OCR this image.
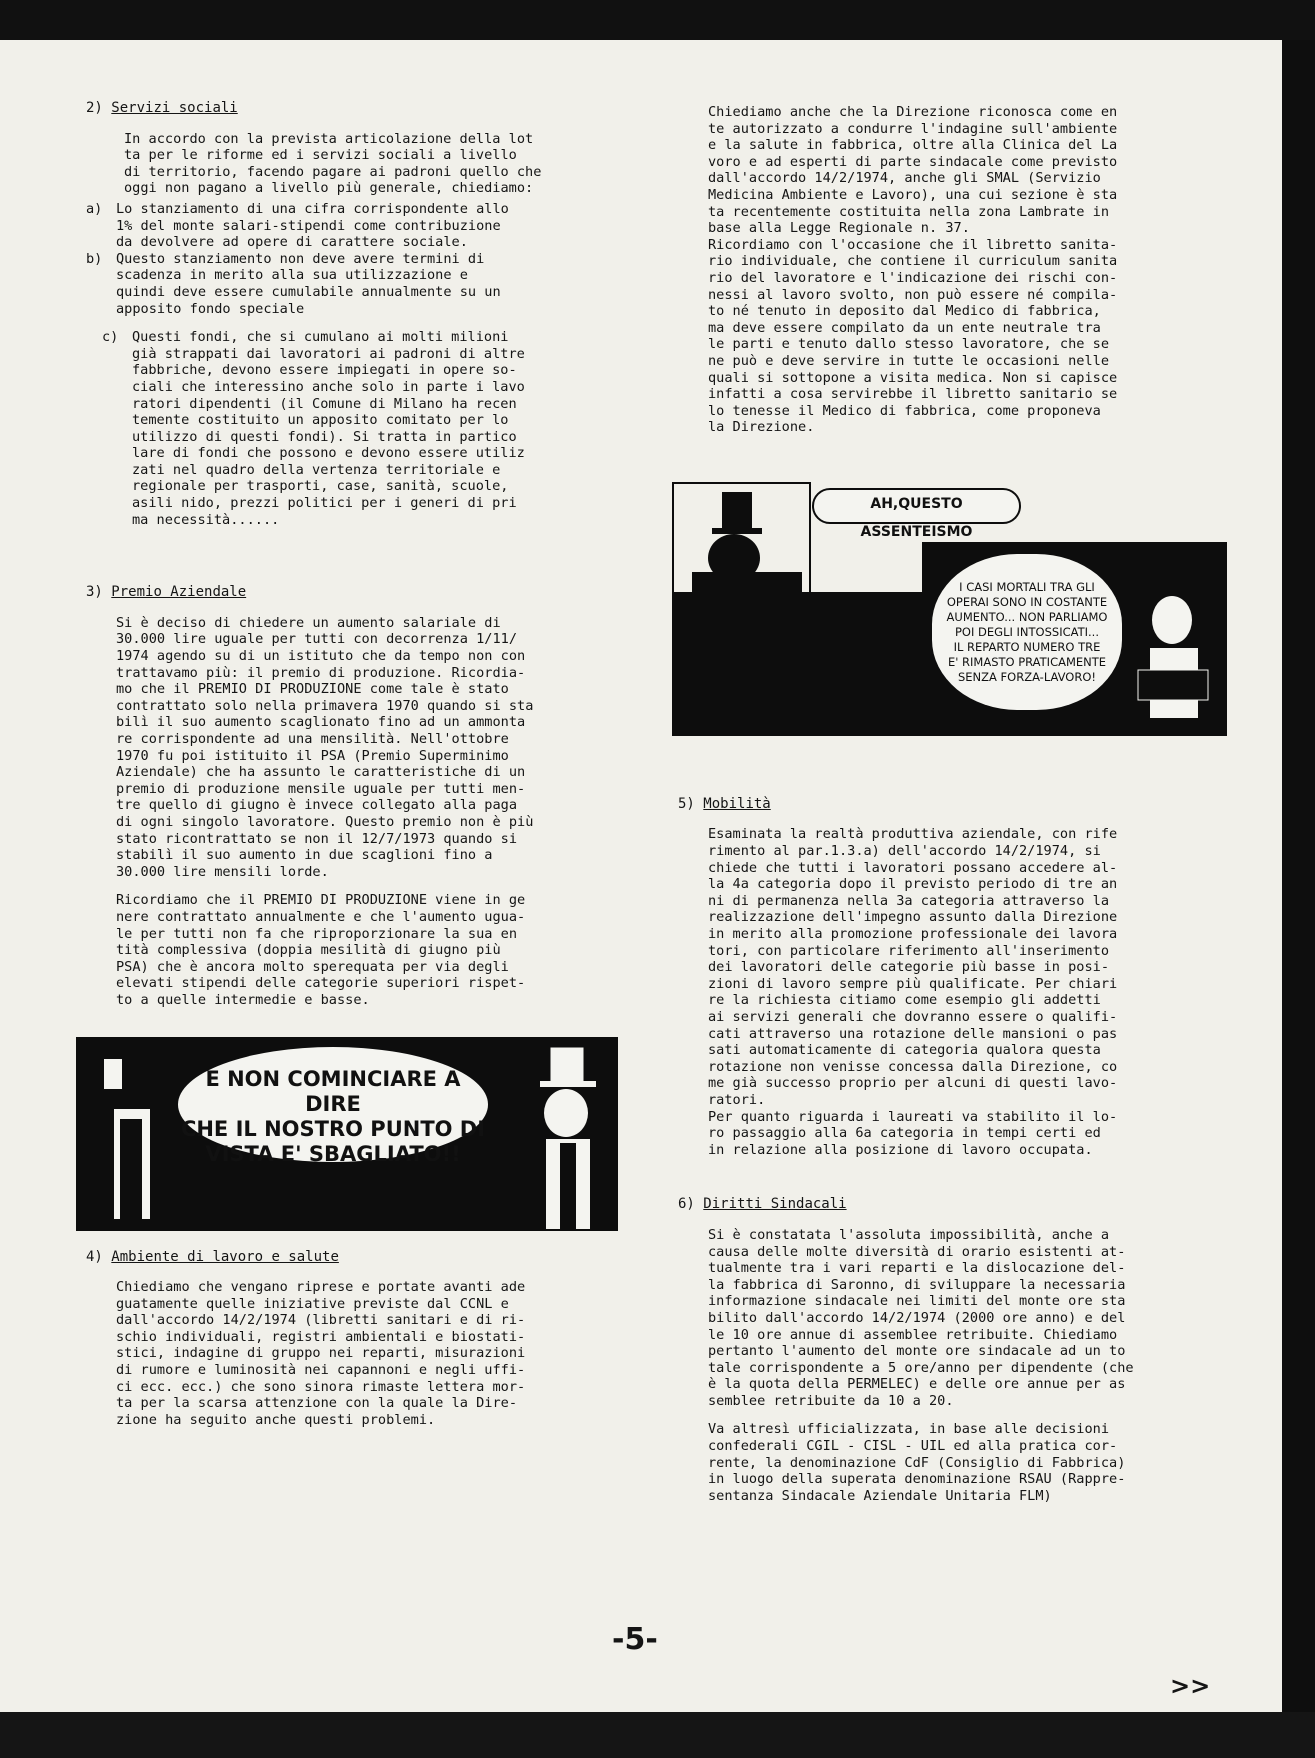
2) Servizi sociali

In accordo con la prevista articolazione della lot
ta per le riforme ed i servizi sociali a livello
di territorio, facendo pagare ai padroni quello che
oggi non pagano a livello più generale, chiediamo:

a)	Lo stanziamento di una cifra corrispondente allo
1% del monte salari-stipendi come contribuzione
da devolvere ad opere di carattere sociale.

b)	Questo stanziamento non deve avere termini di
scadenza in merito alla sua utilizzazione e
quindi deve essere cumulabile annualmente su un
apposito fondo speciale

c)	Questi fondi, che si cumulano ai molti milioni
già strappati dai lavoratori ai padroni di altre
fabbriche, devono essere impiegati in opere so-
ciali che interessino anche solo in parte i lavo
ratori dipendenti (il Comune di Milano ha recen
temente costituito un apposito comitato per lo
utilizzo di questi fondi). Si tratta in partico
lare di fondi che possono e devono essere utiliz
zati nel quadro della vertenza territoriale e
regionale per trasporti, case, sanità, scuole,
asili nido, prezzi politici per i generi di pri
ma necessità......

3) Premio Aziendale

Si è deciso di chiedere un aumento salariale di
30.000 lire uguale per tutti con decorrenza 1/11/
1974 agendo su di un istituto che da tempo non con
trattavamo più: il premio di produzione. Ricordia-
mo che il PREMIO DI PRODUZIONE come tale è stato
contrattato solo nella primavera 1970 quando si sta
bilì il suo aumento scaglionato fino ad un ammonta
re corrispondente ad una mensilità. Nell'ottobre
1970 fu poi istituito il PSA (Premio Superminimo
Aziendale) che ha assunto le caratteristiche di un
premio di produzione mensile uguale per tutti men-
tre quello di giugno è invece collegato alla paga
di ogni singolo lavoratore. Questo premio non è più
stato ricontrattato se non il 12/7/1973 quando si
stabilì il suo aumento in due scaglioni fino a
30.000 lire mensili lorde.

Ricordiamo che il PREMIO DI PRODUZIONE viene in ge
nere contrattato annualmente e che l'aumento ugua-
le per tutti non fa che riproporzionare la sua en
tità complessiva (doppia mesilità di giugno più
PSA) che è ancora molto sperequata per via degli
elevati stipendi delle categorie superiori rispet-
to a quelle intermedie e basse.

E NON COMINCIARE A DIRE
CHE IL NOSTRO PUNTO DI
VISTA E' SBAGLIATO!!
4) Ambiente di lavoro e salute

Chiediamo che vengano riprese e portate avanti ade
guatamente quelle iniziative previste dal CCNL e
dall'accordo 14/2/1974 (libretti sanitari e di ri-
schio individuali, registri ambientali e biostati-
stici, indagine di gruppo nei reparti, misurazioni
di rumore e luminosità nei capannoni e negli uffi-
ci ecc. ecc.) che sono sinora rimaste lettera mor-
ta per la scarsa attenzione con la quale la Dire-
zione ha seguito anche questi problemi.

Chiediamo anche che la Direzione riconosca come en
te autorizzato a condurre l'indagine sull'ambiente
e la salute in fabbrica, oltre alla Clinica del La
voro e ad esperti di parte sindacale come previsto
dall'accordo 14/2/1974, anche gli SMAL (Servizio
Medicina Ambiente e Lavoro), una cui sezione è sta
ta recentemente costituita nella zona Lambrate in
base alla Legge Regionale n. 37.

Ricordiamo con l'occasione che il libretto sanita-
rio individuale, che contiene il curriculum sanita
rio del lavoratore e l'indicazione dei rischi con-
nessi al lavoro svolto, non può essere né compila-
to né tenuto in deposito dal Medico di fabbrica,
ma deve essere compilato da un ente neutrale tra
le parti e tenuto dallo stesso lavoratore, che se
ne può e deve servire in tutte le occasioni nelle
quali si sottopone a visita medica. Non si capisce
infatti a cosa servirebbe il libretto sanitario se
lo tenesse il Medico di fabbrica, come proponeva
la Direzione.

AH,QUESTO ASSENTEISMO
I CASI MORTALI TRA GLI
OPERAI SONO IN COSTANTE
AUMENTO... NON PARLIAMO
POI DEGLI INTOSSICATI...
IL REPARTO NUMERO TRE
E' RIMASTO PRATICAMENTE
SENZA FORZA-LAVORO!
5) Mobilità

Esaminata la realtà produttiva aziendale, con rife
rimento al par.1.3.a) dell'accordo 14/2/1974, si
chiede che tutti i lavoratori possano accedere al-
la 4a categoria dopo il previsto periodo di tre an
ni di permanenza nella 3a categoria attraverso la
realizzazione dell'impegno assunto dalla Direzione
in merito alla promozione professionale dei lavora
tori, con particolare riferimento all'inserimento
dei lavoratori delle categorie più basse in posi-
zioni di lavoro sempre più qualificate. Per chiari
re la richiesta citiamo come esempio gli addetti
ai servizi generali che dovranno essere o qualifi-
cati attraverso una rotazione delle mansioni o pas
sati automaticamente di categoria qualora questa
rotazione non venisse concessa dalla Direzione, co
me già successo proprio per alcuni di questi lavo-
ratori.

Per quanto riguarda i laureati va stabilito il lo-
ro passaggio alla 6a categoria in tempi certi ed
in relazione alla posizione di lavoro occupata.

6) Diritti Sindacali

Si è constatata l'assoluta impossibilità, anche a
causa delle molte diversità di orario esistenti at-
tualmente tra i vari reparti e la dislocazione del-
la fabbrica di Saronno, di sviluppare la necessaria
informazione sindacale nei limiti del monte ore sta
bilito dall'accordo 14/2/1974 (2000 ore anno) e del
le 10 ore annue di assemblee retribuite. Chiediamo
pertanto l'aumento del monte ore sindacale ad un to
tale corrispondente a 5 ore/anno per dipendente (che
è la quota della PERMELEC) e delle ore annue per as
semblee retribuite da 10 a 20.

Va altresì ufficializzata, in base alle decisioni
confederali CGIL - CISL - UIL ed alla pratica cor-
rente, la denominazione CdF (Consiglio di Fabbrica)
in luogo della superata denominazione RSAU (Rappre-
sentanza Sindacale Aziendale Unitaria FLM)

-5-
>>
